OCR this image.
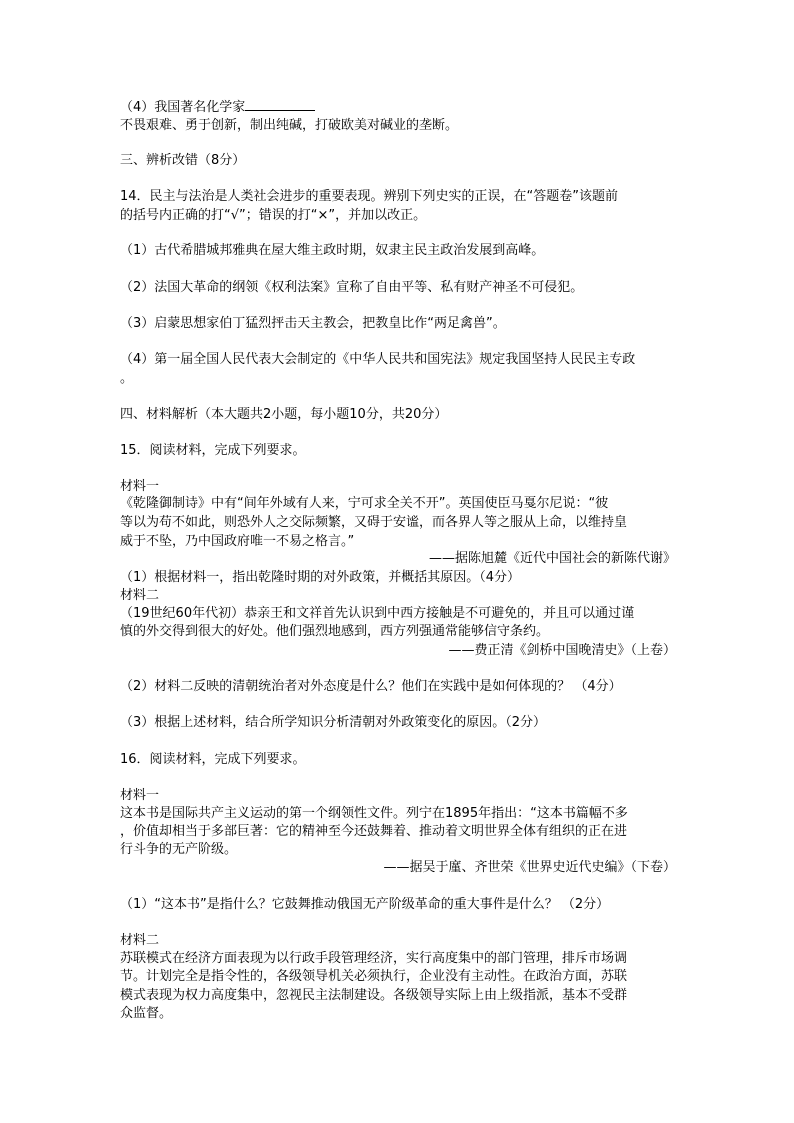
（4）我国著名化学家
不畏艰难、勇于创新，制出纯碱，打破欧美对碱业的垄断。
三、辨析改错（8分）
14．民主与法治是人类社会进步的重要表现。辨别下列史实的正误，在“答题卷”该题前
的括号内正确的打“√”；错误的打“×”，并加以改正。
（1）古代希腊城邦雅典在屋大维主政时期，奴隶主民主政治发展到高峰。
（2）法国大革命的纲领《权利法案》宣称了自由平等、私有财产神圣不可侵犯。
（3）启蒙思想家伯丁猛烈抨击天主教会，把教皇比作“两足禽兽”。
（4）第一届全国人民代表大会制定的《中华人民共和国宪法》规定我国坚持人民民主专政
。
四、材料解析（本大题共2小题，每小题10分，共20分）
15．阅读材料，完成下列要求。
材料一
《乾隆御制诗》中有“间年外域有人来，宁可求全关不开”。英国使臣马戛尔尼说：“彼
等以为苟不如此，则恐外人之交际频繁，又碍于安谧，而各界人等之服从上命，以维持皇
威于不坠，乃中国政府唯一不易之格言。”
——据陈旭麓《近代中国社会的新陈代谢》
（1）根据材料一，指出乾隆时期的对外政策，并概括其原因。（4分）
材料二
（19世纪60年代初）恭亲王和文祥首先认识到中西方接触是不可避免的，并且可以通过谨
慎的外交得到很大的好处。他们强烈地感到，西方列强通常能够信守条约。
——费正清《剑桥中国晚清史》（上卷）
（2）材料二反映的清朝统治者对外态度是什么？他们在实践中是如何体现的？ （4分）
（3）根据上述材料，结合所学知识分析清朝对外政策变化的原因。（2分）
16．阅读材料，完成下列要求。
材料一
这本书是国际共产主义运动的第一个纲领性文件。列宁在1895年指出：“这本书篇幅不多
，价值却相当于多部巨著：它的精神至今还鼓舞着、推动着文明世界全体有组织的正在进
行斗争的无产阶级。
——据吴于廑、齐世荣《世界史近代史编》（下卷）
（1）“这本书”是指什么？它鼓舞推动俄国无产阶级革命的重大事件是什么？ （2分）
材料二
苏联模式在经济方面表现为以行政手段管理经济，实行高度集中的部门管理，排斥市场调
节。计划完全是指令性的，各级领导机关必须执行，企业没有主动性。在政治方面，苏联
模式表现为权力高度集中，忽视民主法制建设。各级领导实际上由上级指派，基本不受群
众监督。
